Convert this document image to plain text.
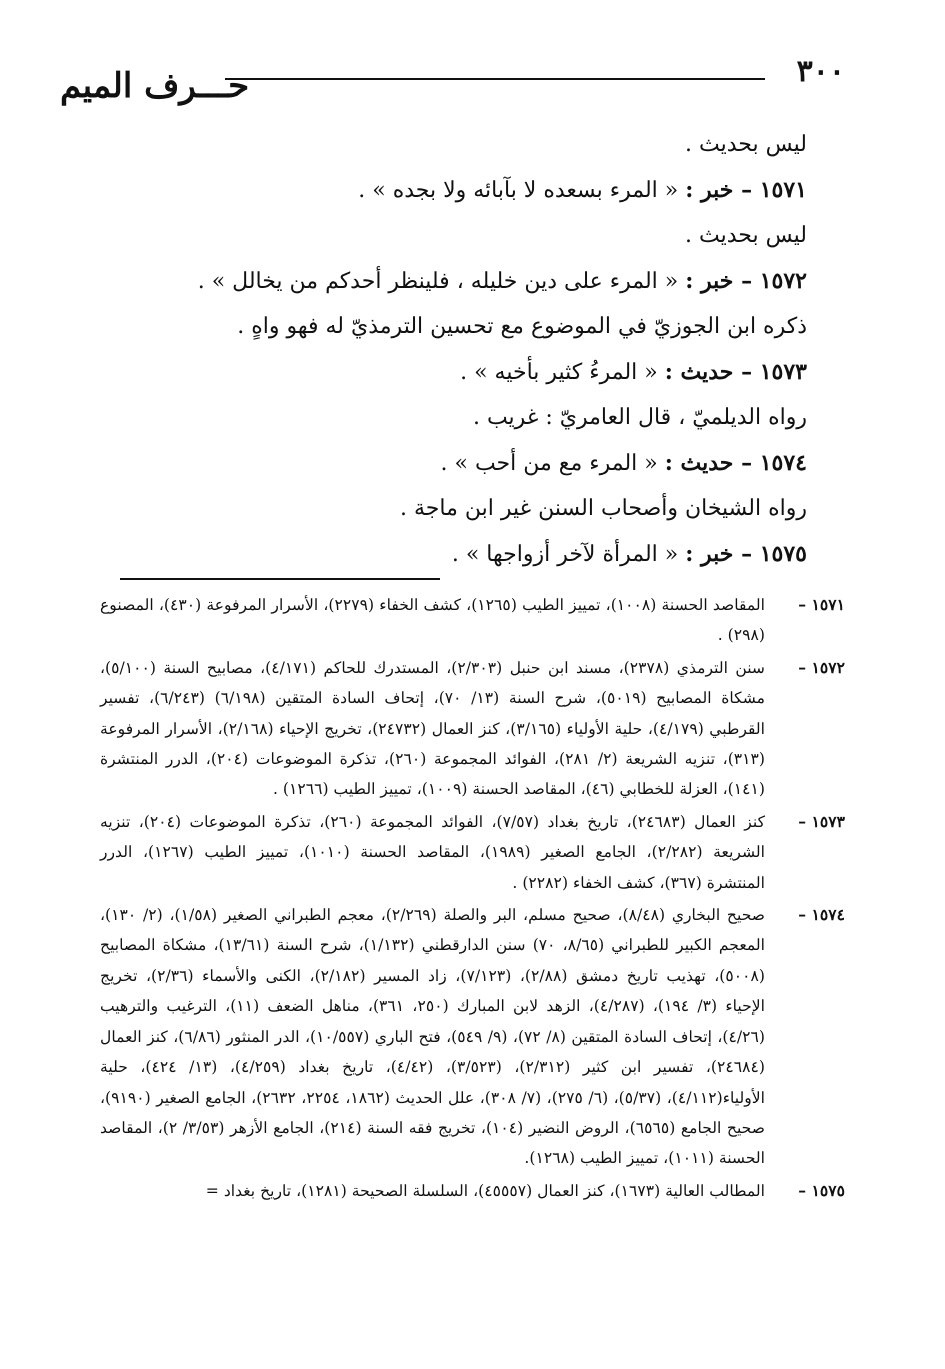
٣٠٠
حـــرف الميم
ليس بحديث .
١٥٧١ – خبر : « المرء بسعده لا بآبائه ولا بجده » .
ليس بحديث .
١٥٧٢ – خبر : « المرء على دين خليله ، فلينظر أحدكم من يخالل » .
ذكره ابن الجوزيّ في الموضوع مع تحسين الترمذيّ له فهو واهٍ .
١٥٧٣ – حديث : « المرءُ كثير بأخيه » .
رواه الديلميّ ، قال العامريّ : غريب .
١٥٧٤ – حديث : « المرء مع من أحب » .
رواه الشيخان وأصحاب السنن غير ابن ماجة .
١٥٧٥ – خبر : « المرأة لآخر أزواجها » .
١٥٧١ –
المقاصد الحسنة (١٠٠٨)، تمييز الطيب (١٢٦٥)، كشف الخفاء (٢٢٧٩)، الأسرار المرفوعة (٤٣٠)، المصنوع (٢٩٨) .
١٥٧٢ –
سنن الترمذي (٢٣٧٨)، مسند ابن حنبل (٢/٣٠٣)، المستدرك للحاكم (٤/١٧١)، مصابيح السنة (٥/١٠٠)، مشكاة المصابيح (٥٠١٩)، شرح السنة (١٣/ ٧٠)، إتحاف السادة المتقين (٦/١٩٨) (٦/٢٤٣)، تفسير القرطبي (٤/١٧٩)، حلية الأولياء (٣/١٦٥)، كنز العمال (٢٤٧٣٢)، تخريج الإحياء (٢/١٦٨)، الأسرار المرفوعة (٣١٣)، تنزيه الشريعة (٢/ ٢٨١)، الفوائد المجموعة (٢٦٠)، تذكرة الموضوعات (٢٠٤)، الدرر المنتشرة (١٤١)، العزلة للخطابي (٤٦)، المقاصد الحسنة (١٠٠٩)، تمييز الطيب (١٢٦٦) .
١٥٧٣ –
كنز العمال (٢٤٦٨٣)، تاريخ بغداد (٧/٥٧)، الفوائد المجموعة (٢٦٠)، تذكرة الموضوعات (٢٠٤)، تنزيه الشريعة (٢/٢٨٢)، الجامع الصغير (١٩٨٩)، المقاصد الحسنة (١٠١٠)، تمييز الطيب (١٢٦٧)، الدرر المنتشرة (٣٦٧)، كشف الخفاء (٢٢٨٢) .
١٥٧٤ –
صحيح البخاري (٨/٤٨)، صحيح مسلم، البر والصلة (٢/٢٦٩)، معجم الطبراني الصغير (١/٥٨)، (٢/ ١٣٠)، المعجم الكبير للطبراني (٨/٦٥، ٧٠) سنن الدارقطني (١/١٣٢)، شرح السنة (١٣/٦١)، مشكاة المصابيح (٥٠٠٨)، تهذيب تاريخ دمشق (٢/٨٨)، (٧/١٢٣)، زاد المسير (٢/١٨٢)، الكنى والأسماء (٢/٣٦)، تخريج الإحياء (٣/ ١٩٤)، (٤/٢٨٧)، الزهد لابن المبارك (٢٥٠، ٣٦١)، مناهل الضعف (١١)، الترغيب والترهيب (٤/٢٦)، إتحاف السادة المتقين (٨/ ٧٢)، (٩/ ٥٤٩)، فتح الباري (١٠/٥٥٧)، الدر المنثور (٦/٨٦)، كنز العمال (٢٤٦٨٤)، تفسير ابن كثير (٢/٣١٢)، (٣/٥٢٣)، (٤/٤٢)، تاريخ بغداد (٤/٢٥٩)، (١٣/ ٤٢٤)، حلية الأولياء(٤/١١٢)، (٥/٣٧)، (٦/ ٢٧٥)، (٧/ ٣٠٨)، علل الحديث (١٨٦٢، ٢٢٥٤، ٢٦٣٢)، الجامع الصغير (٩١٩٠)، صحيح الجامع (٦٥٦٥)، الروض النضير (١٠٤)، تخريج فقه السنة (٢١٤)، الجامع الأزهر (٣/٥٣/ ٢)، المقاصد الحسنة (١٠١١)، تمييز الطيب (١٢٦٨).
١٥٧٥ –
المطالب العالية (١٦٧٣)، كنز العمال (٤٥٥٥٧)، السلسلة الصحيحة (١٢٨١)، تاريخ بغداد =
